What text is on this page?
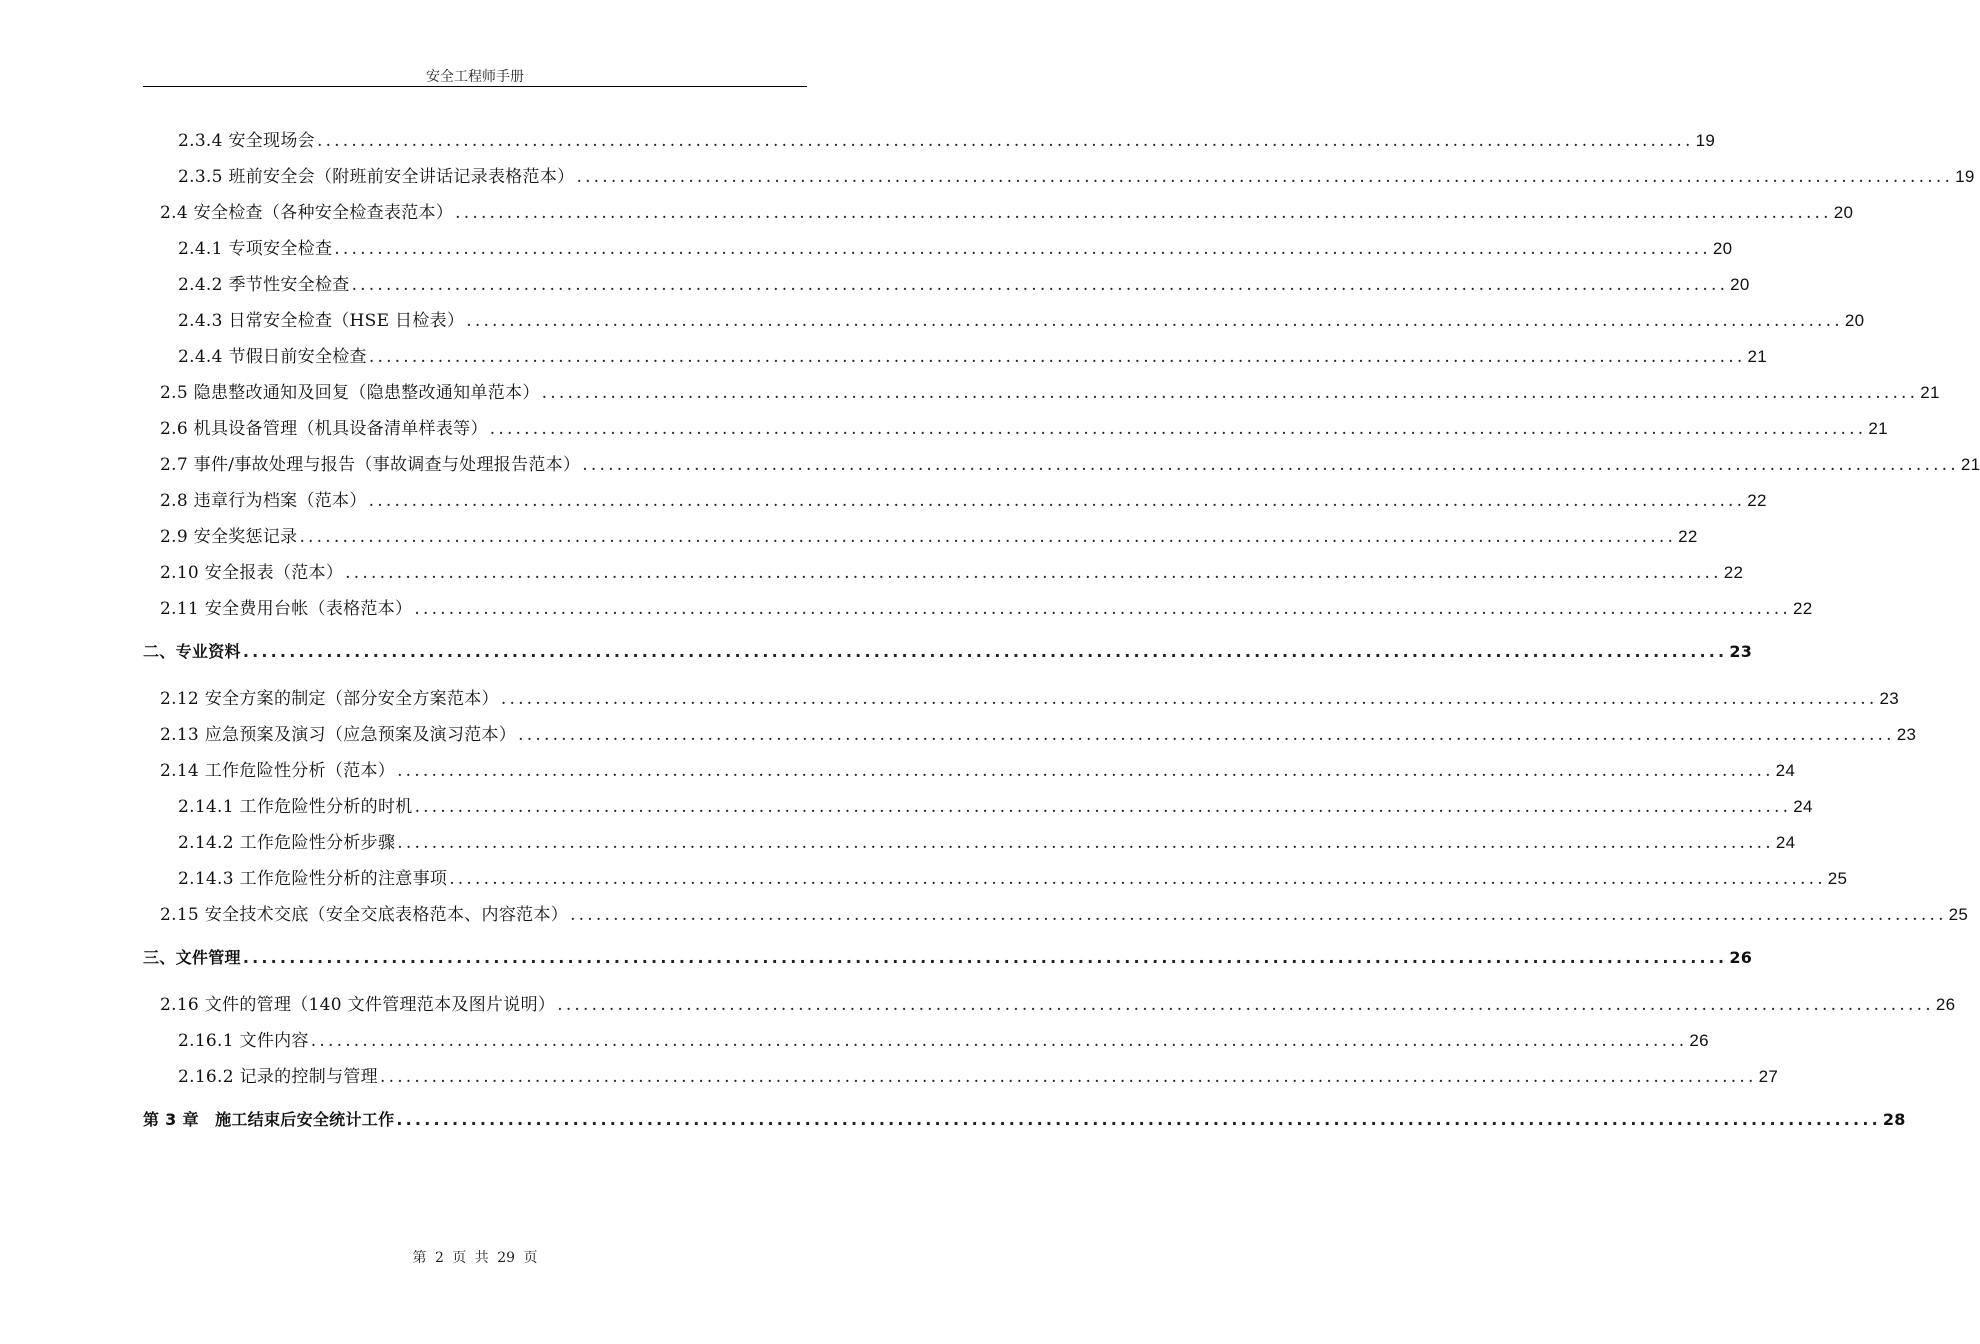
安全工程师手册
2.3.4 安全现场会 ................................................................................................................................................................ 19
2.3.5 班前安全会（附班前安全讲话记录表格范本） ................................................................................................................................................................ 19
2.4 安全检查（各种安全检查表范本） ................................................................................................................................................................ 20
2.4.1 专项安全检查 ................................................................................................................................................................ 20
2.4.2 季节性安全检查 ................................................................................................................................................................ 20
2.4.3 日常安全检查（HSE 日检表） ................................................................................................................................................................ 20
2.4.4 节假日前安全检查 ................................................................................................................................................................ 21
2.5 隐患整改通知及回复（隐患整改通知单范本） ................................................................................................................................................................ 21
2.6 机具设备管理（机具设备清单样表等） ................................................................................................................................................................ 21
2.7 事件/事故处理与报告（事故调查与处理报告范本） ................................................................................................................................................................ 21
2.8 违章行为档案（范本） ................................................................................................................................................................ 22
2.9 安全奖惩记录 ................................................................................................................................................................ 22
2.10 安全报表（范本） ................................................................................................................................................................ 22
2.11 安全费用台帐（表格范本） ................................................................................................................................................................ 22
二、专业资料 ................................................................................................................................................................ 23
2.12 安全方案的制定（部分安全方案范本） ................................................................................................................................................................ 23
2.13 应急预案及演习（应急预案及演习范本） ................................................................................................................................................................ 23
2.14 工作危险性分析（范本） ................................................................................................................................................................ 24
2.14.1 工作危险性分析的时机 ................................................................................................................................................................ 24
2.14.2 工作危险性分析步骤 ................................................................................................................................................................ 24
2.14.3 工作危险性分析的注意事项 ................................................................................................................................................................ 25
2.15 安全技术交底（安全交底表格范本、内容范本） ................................................................................................................................................................ 25
三、文件管理 ................................................................................................................................................................ 26
2.16 文件的管理（140 文件管理范本及图片说明） ................................................................................................................................................................ 26
2.16.1 文件内容 ................................................................................................................................................................ 26
2.16.2 记录的控制与管理 ................................................................................................................................................................ 27
第 3 章　施工结束后安全统计工作 ................................................................................................................................................................ 28
第 2 页 共 29 页
